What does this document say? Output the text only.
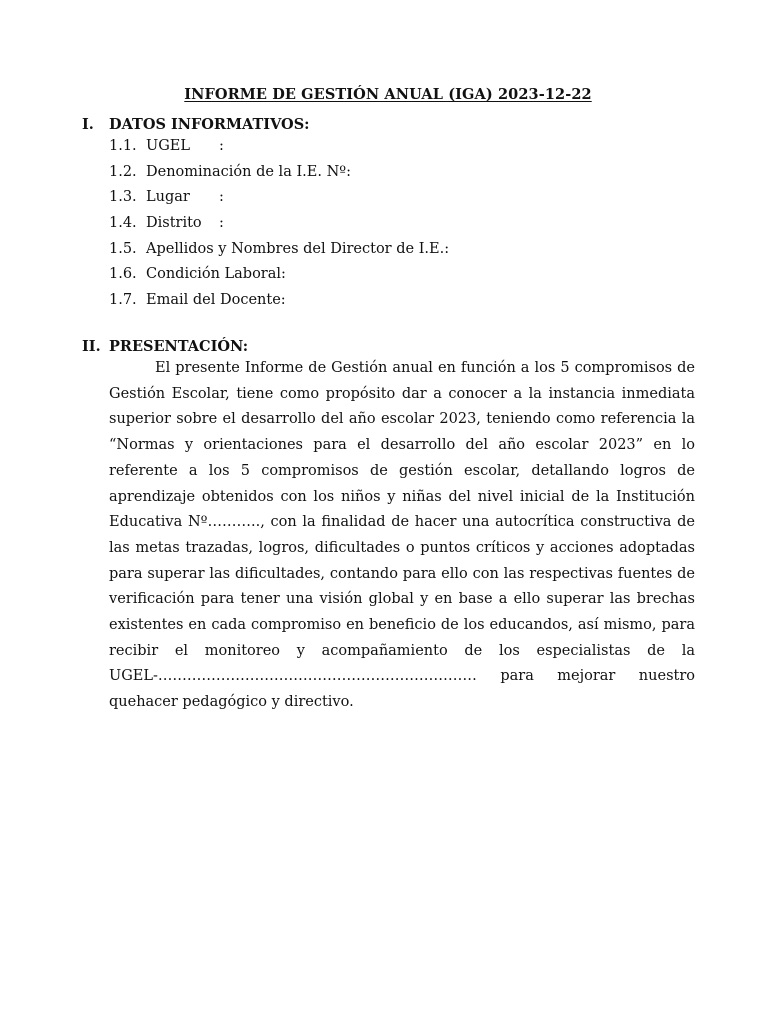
INFORME DE GESTIÓN ANUAL (IGA) 2023-12-22
I. DATOS INFORMATIVOS:
1.1. UGEL :
1.2. Denominación de la I.E. Nº:
1.3. Lugar :
1.4. Distrito :
1.5. Apellidos y Nombres del Director de I.E.:
1.6. Condición Laboral:
1.7. Email del Docente:
II. PRESENTACIÓN:

El presente Informe de Gestión anual en función a los 5 compromisos de Gestión Escolar, tiene como propósito dar a conocer a la instancia inmediata superior sobre el desarrollo del año escolar 2023, teniendo como referencia la “Normas y orientaciones para el desarrollo del año escolar 2023” en lo referente a los 5 compromisos de gestión escolar, detallando logros de aprendizaje obtenidos con los niños y niñas del nivel inicial de la Institución Educativa Nº……….., con la finalidad de hacer una autocrítica constructiva de las metas trazadas, logros, dificultades o puntos críticos y acciones adoptadas para superar las dificultades, contando para ello con las respectivas fuentes de verificación para tener una visión global y en base a ello superar las brechas existentes en cada compromiso en beneficio de los educandos, así mismo, para recibir el monitoreo y acompañamiento de los especialistas de la UGEL-………………………………………………………… para mejorar nuestro quehacer pedagógico y directivo.
